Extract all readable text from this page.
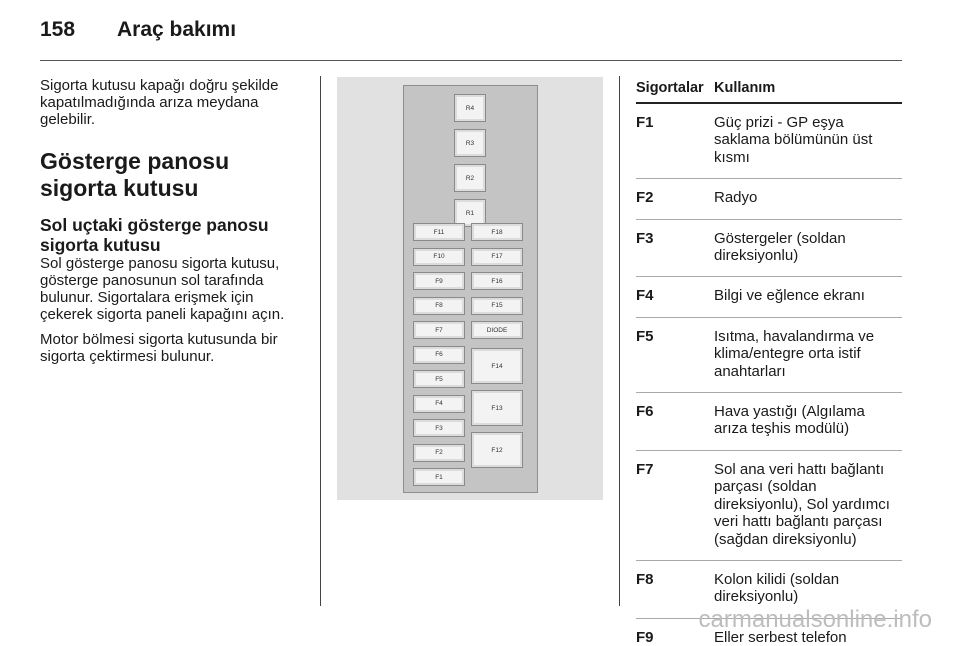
158 Araç bakımı

Sigorta kutusu kapağı doğru şekilde kapatılmadığında arıza meydana gelebilir.

Gösterge panosu sigorta kutusu

Sol uçtaki gösterge panosu sigorta kutusu

Sol gösterge panosu sigorta kutusu, gösterge panosunun sol tarafında bulunur. Sigortalara erişmek için çekerek sigorta paneli kapağını açın.

Motor bölmesi sigorta kutusunda bir sigorta çektirmesi bulunur.

R4
R3
R2
R1
F11
F10
F9
F8
F7
F6
F5
F4
F3
F2
F1
F18
F17
F16
F15
DIODE
F14
F13
F12
Sigortalar Kullanım
F1	Güç prizi - GP eşya saklama bölümünün üst kısmı
F2	Radyo
F3	Göstergeler (soldan direksiyonlu)
F4	Bilgi ve eğlence ekranı
F5	Isıtma, havalandırma ve klima/entegre orta istif anahtarları
F6	Hava yastığı (Algılama arıza teşhis modülü)
F7	Sol ana veri hattı bağlantı parçası (soldan direksiyonlu), Sol yardımcı veri hattı bağlantı parçası (sağdan direksiyonlu)
F8	Kolon kilidi (soldan direksiyonlu)
F9	Eller serbest telefon
carmanualsonline.info
